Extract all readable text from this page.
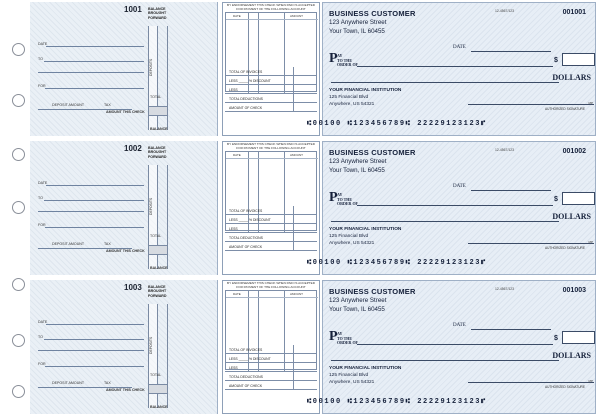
1001 BALANCE BROUGHT FORWARD
DEPOSITS
DATE
TO
FOR
TOTAL
DEPOSIT AMOUNT	TAX
AMOUNT THIS CHECK
BALANCE
BY ENDORSEMENT THIS CHECK WHEN PAID IS ACCEPTED FOR PAYMENT OF THE FOLLOWING ACCOUNT
DATE	AMOUNT
TOTAL OF INVOICES
LESS _____ % DISCOUNT
LESS
TOTAL DEDUCTIONS
AMOUNT OF CHECK
BUSINESS CUSTOMER
123 Anywhere Street
Your Town, IL 60455
12-4567/123	001001
DATE
P AY
TO THE
ORDER OF
$
DOLLARS
YOUR FINANCIAL INSTITUTION
125 Financial Blvd
Anywhere, US 54321	MP
AUTHORIZED SIGNATURE
⑆00100 ⑆123456789⑆ 22229123123⑈
1002 BALANCE BROUGHT FORWARD
DEPOSITS
DATE
TO
FOR
TOTAL
DEPOSIT AMOUNT	TAX
AMOUNT THIS CHECK
BALANCE
BY ENDORSEMENT THIS CHECK WHEN PAID IS ACCEPTED FOR PAYMENT OF THE FOLLOWING ACCOUNT
DATE	AMOUNT
TOTAL OF INVOICES
LESS _____ % DISCOUNT
LESS
TOTAL DEDUCTIONS
AMOUNT OF CHECK
BUSINESS CUSTOMER
123 Anywhere Street
Your Town, IL 60455
12-4567/123	001002
DATE
P AY
TO THE
ORDER OF
$
DOLLARS
YOUR FINANCIAL INSTITUTION
125 Financial Blvd
Anywhere, US 54321	MP
AUTHORIZED SIGNATURE
⑆00100 ⑆123456789⑆ 22229123123⑈
1003 BALANCE BROUGHT FORWARD
DEPOSITS
DATE
TO
FOR
TOTAL
DEPOSIT AMOUNT	TAX
AMOUNT THIS CHECK
BALANCE
BY ENDORSEMENT THIS CHECK WHEN PAID IS ACCEPTED FOR PAYMENT OF THE FOLLOWING ACCOUNT
DATE	AMOUNT
TOTAL OF INVOICES
LESS _____ % DISCOUNT
LESS
TOTAL DEDUCTIONS
AMOUNT OF CHECK
BUSINESS CUSTOMER
123 Anywhere Street
Your Town, IL 60455
12-4567/123	001003
DATE
P AY
TO THE
ORDER OF
$
DOLLARS
YOUR FINANCIAL INSTITUTION
125 Financial Blvd
Anywhere, US 54321	MP
AUTHORIZED SIGNATURE
⑆00100 ⑆123456789⑆ 22229123123⑈
